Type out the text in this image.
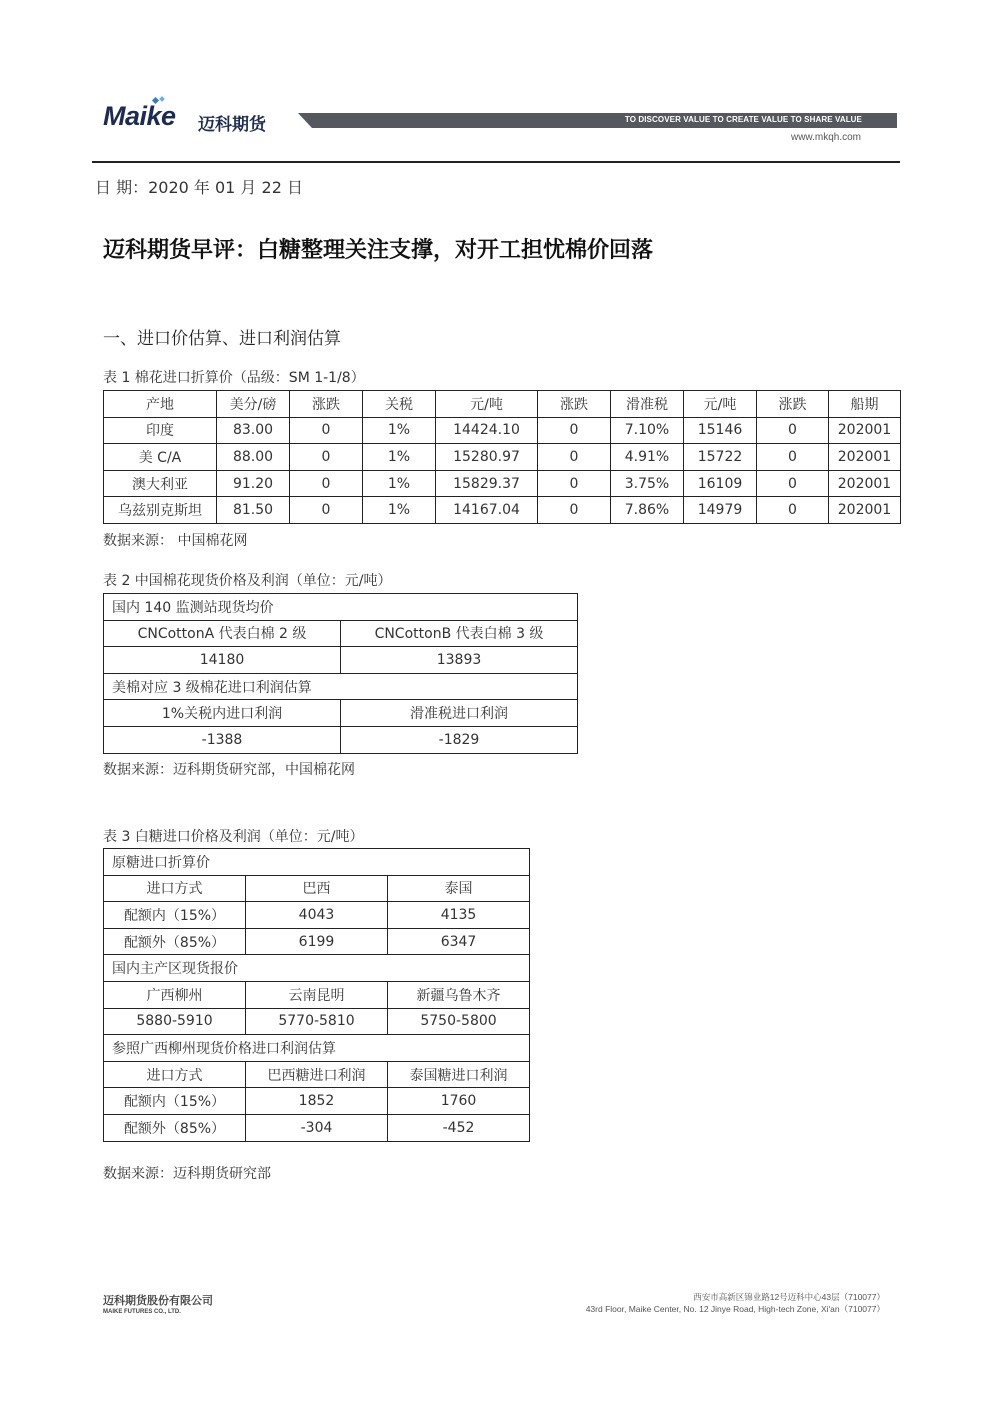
Maike 迈科期货	TO DISCOVER VALUE TO CREATE VALUE TO SHARE VALUE
www.mkqh.com
日 期：2020 年 01 月 22 日
迈科期货早评：白糖整理关注支撑，对开工担忧棉价回落
一、进口价估算、进口利润估算
表 1 棉花进口折算价（品级：SM 1-1/8）
产地	美分/磅	涨跌	关税	元/吨	涨跌	滑准税	元/吨	涨跌	船期
印度	83.00	0	1%	14424.10	0	7.10%	15146	0	202001
美 C/A	88.00	0	1%	15280.97	0	4.91%	15722	0	202001
澳大利亚	91.20	0	1%	15829.37	0	3.75%	16109	0	202001
乌兹别克斯坦	81.50	0	1%	14167.04	0	7.86%	14979	0	202001
数据来源： 中国棉花网
表 2 中国棉花现货价格及利润（单位：元/吨）
国内 140 监测站现货均价	
CNCottonA 代表白棉 2 级	CNCottonB 代表白棉 3 级
14180	13893
美棉对应 3 级棉花进口利润估算	
1%关税内进口利润	滑准税进口利润
-1388	-1829
数据来源：迈科期货研究部，中国棉花网
表 3 白糖进口价格及利润（单位：元/吨）
原糖进口折算价		
进口方式	巴西	泰国
配额内（15%）	4043	4135
配额外（85%）	6199	6347
国内主产区现货报价		
广西柳州	云南昆明	新疆乌鲁木齐
5880-5910	5770-5810	5750-5800
参照广西柳州现货价格进口利润估算		
进口方式	巴西糖进口利润	泰国糖进口利润
配额内（15%）	1852	1760
配额外（85%）	-304	-452
数据来源：迈科期货研究部
迈科期货股份有限公司
MAIKE FUTURES CO., LTD.
西安市高新区锦业路12号迈科中心43层（710077）
43rd Floor, Maike Center, No. 12 Jinye Road, High-tech Zone, Xi'an（710077）
